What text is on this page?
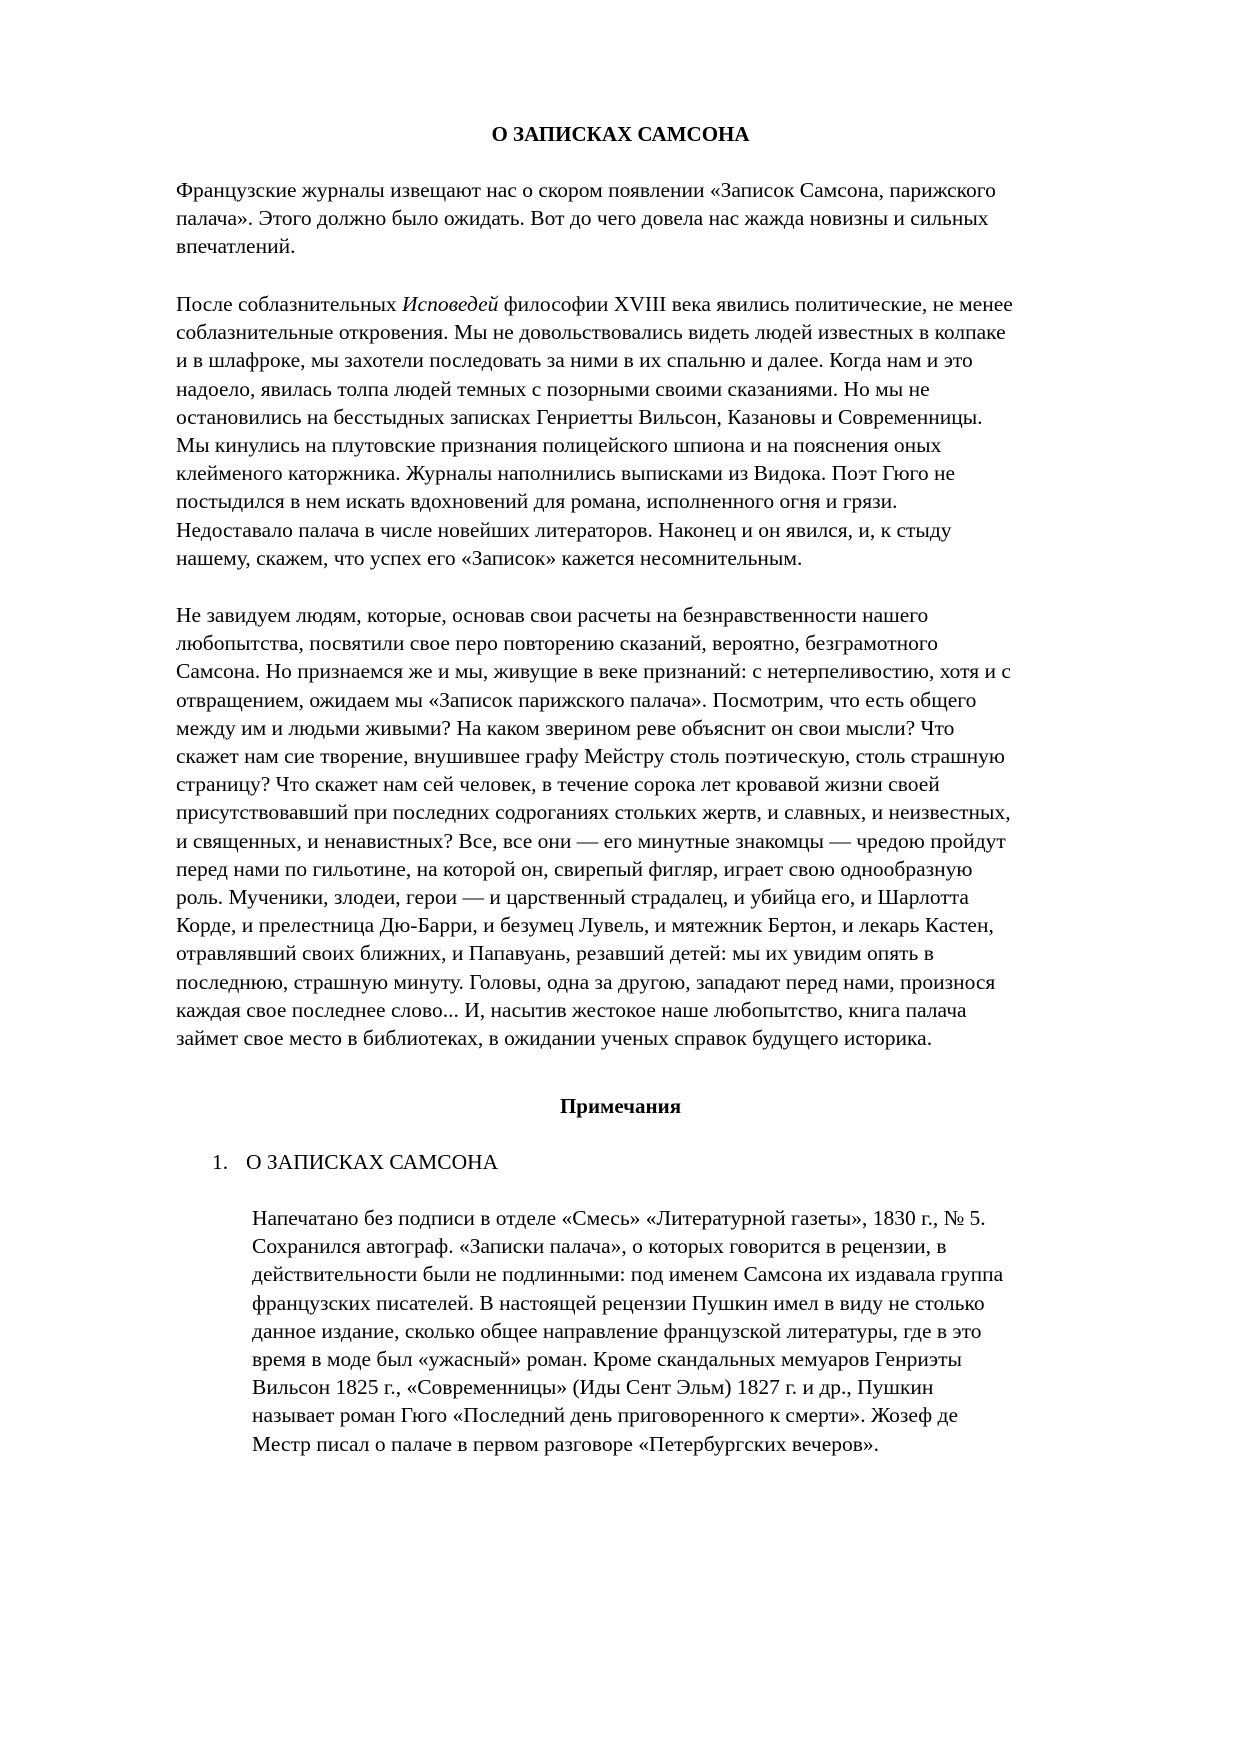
О ЗАПИСКАХ САМСОНА

Французские журналы извещают нас о скором появлении «Записок Самсона, парижского
палача». Этого должно было ожидать. Вот до чего довела нас жажда новизны и сильных
впечатлений.

После соблазнительных Исповедей философии XVIII века явились политические, не менее
соблазнительные откровения. Мы не довольствовались видеть людей известных в колпаке
и в шлафроке, мы захотели последовать за ними в их спальню и далее. Когда нам и это
надоело, явилась толпа людей темных с позорными своими сказаниями. Но мы не
остановились на бесстыдных записках Генриетты Вильсон, Казановы и Современницы.
Мы кинулись на плутовские признания полицейского шпиона и на пояснения оных
клейменого каторжника. Журналы наполнились выписками из Видока. Поэт Гюго не
постыдился в нем искать вдохновений для романа, исполненного огня и грязи.
Недоставало палача в числе новейших литераторов. Наконец и он явился, и, к стыду
нашему, скажем, что успех его «Записок» кажется несомнительным.

Не завидуем людям, которые, основав свои расчеты на безнравственности нашего
любопытства, посвятили свое перо повторению сказаний, вероятно, безграмотного
Самсона. Но признаемся же и мы, живущие в веке признаний: с нетерпеливостию, хотя и с
отвращением, ожидаем мы «Записок парижского палача». Посмотрим, что есть общего
между им и людьми живыми? На каком зверином реве объяснит он свои мысли? Что
скажет нам сие творение, внушившее графу Мейстру столь поэтическую, столь страшную
страницу? Что скажет нам сей человек, в течение сорока лет кровавой жизни своей
присутствовавший при последних содроганиях стольких жертв, и славных, и неизвестных,
и священных, и ненавистных? Все, все они — его минутные знакомцы — чредою пройдут
перед нами по гильотине, на которой он, свирепый фигляр, играет свою однообразную
роль. Мученики, злодеи, герои — и царственный страдалец, и убийца его, и Шарлотта
Корде, и прелестница Дю-Барри, и безумец Лувель, и мятежник Бертон, и лекарь Кастен,
отравлявший своих ближних, и Папавуань, резавший детей: мы их увидим опять в
последнюю, страшную минуту. Головы, одна за другою, западают перед нами, произнося
каждая свое последнее слово... И, насытив жестокое наше любопытство, книга палача
займет свое место в библиотеках, в ожидании ученых справок будущего историка.

Примечания
1. О ЗАПИСКАХ САМСОНА

Напечатано без подписи в отделе «Смесь» «Литературной газеты», 1830 г., № 5.
Сохранился автограф. «Записки палача», о которых говорится в рецензии, в
действительности были не подлинными: под именем Самсона их издавала группа
французских писателей. В настоящей рецензии Пушкин имел в виду не столько
данное издание, сколько общее направление французской литературы, где в это
время в моде был «ужасный» роман. Кроме скандальных мемуаров Генриэты
Вильсон 1825 г., «Современницы» (Иды Сент Эльм) 1827 г. и др., Пушкин
называет роман Гюго «Последний день приговоренного к смерти». Жозеф де
Местр писал о палаче в первом разговоре «Петербургских вечеров».
